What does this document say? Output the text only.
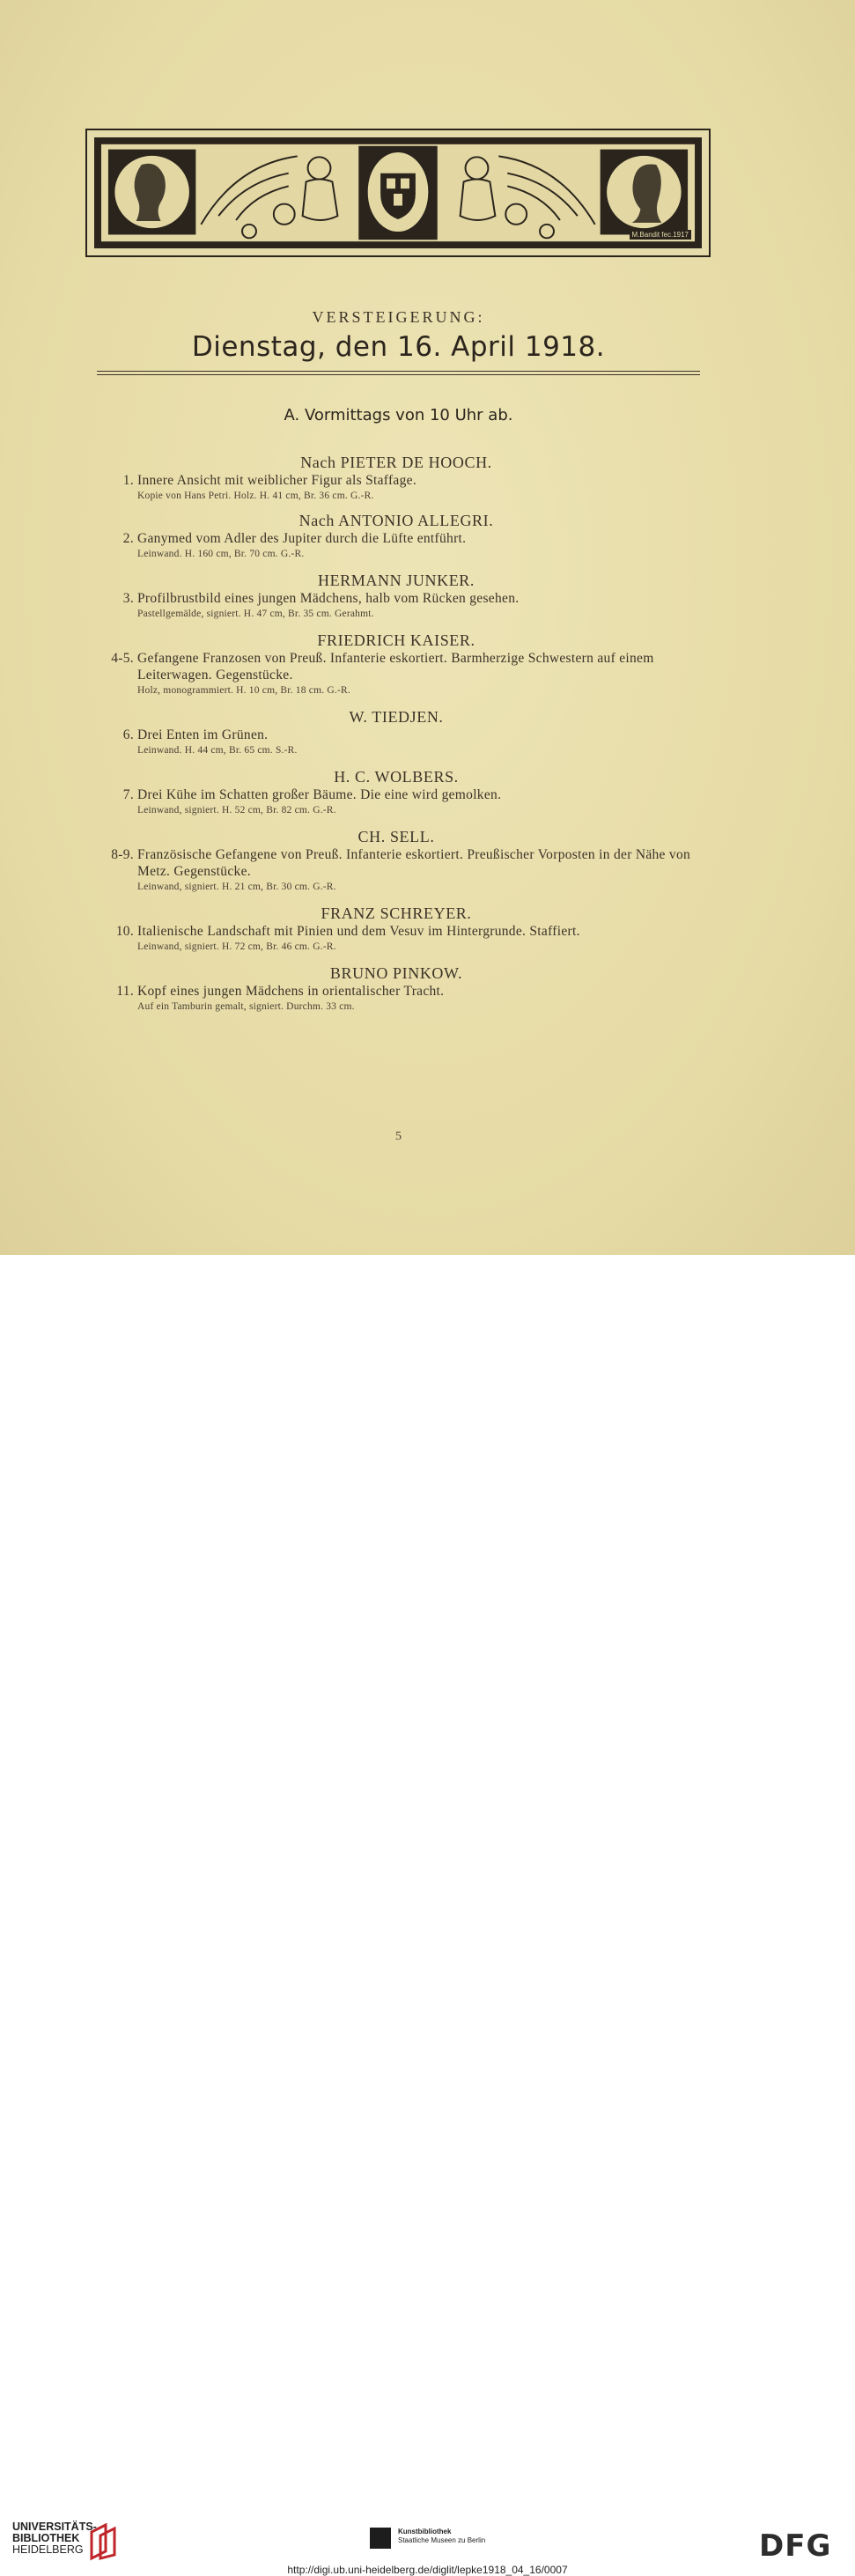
M.Bandit fec.1917
VERSTEIGERUNG:
Dienstag, den 16. April 1918.
A. Vormittags von 10 Uhr ab.
Nach PIETER DE HOOCH.
1. Innere Ansicht mit weiblicher Figur als Staffage.
Kopie von Hans Petri. Holz. H. 41 cm, Br. 36 cm. G.-R.
Nach ANTONIO ALLEGRI.
2. Ganymed vom Adler des Jupiter durch die Lüfte entführt.
Leinwand. H. 160 cm, Br. 70 cm. G.-R.
HERMANN JUNKER.
3. Profilbrustbild eines jungen Mädchens, halb vom Rücken gesehen.
Pastellgemälde, signiert. H. 47 cm, Br. 35 cm. Gerahmt.
FRIEDRICH KAISER.
4-5. Gefangene Franzosen von Preuß. Infanterie eskortiert. Barmherzige Schwestern auf einem Leiterwagen. Gegenstücke.
Holz, monogrammiert. H. 10 cm, Br. 18 cm. G.-R.
W. TIEDJEN.
6. Drei Enten im Grünen.
Leinwand. H. 44 cm, Br. 65 cm. S.-R.
H. C. WOLBERS.
7. Drei Kühe im Schatten großer Bäume. Die eine wird gemolken.
Leinwand, signiert. H. 52 cm, Br. 82 cm. G.-R.
CH. SELL.
8-9. Französische Gefangene von Preuß. Infanterie eskortiert. Preußischer Vorposten in der Nähe von Metz. Gegenstücke.
Leinwand, signiert. H. 21 cm, Br. 30 cm. G.-R.
FRANZ SCHREYER.
10. Italienische Landschaft mit Pinien und dem Vesuv im Hintergrunde. Staffiert.
Leinwand, signiert. H. 72 cm, Br. 46 cm. G.-R.
BRUNO PINKOW.
11. Kopf eines jungen Mädchens in orientalischer Tracht.
Auf ein Tamburin gemalt, signiert. Durchm. 33 cm.
5
UNIVERSITÄTS-
BIBLIOTHEK
HEIDELBERG
Kunstbibliothek
Staatliche Museen zu Berlin	DFG
http://digi.ub.uni-heidelberg.de/diglit/lepke1918_04_16/0007
